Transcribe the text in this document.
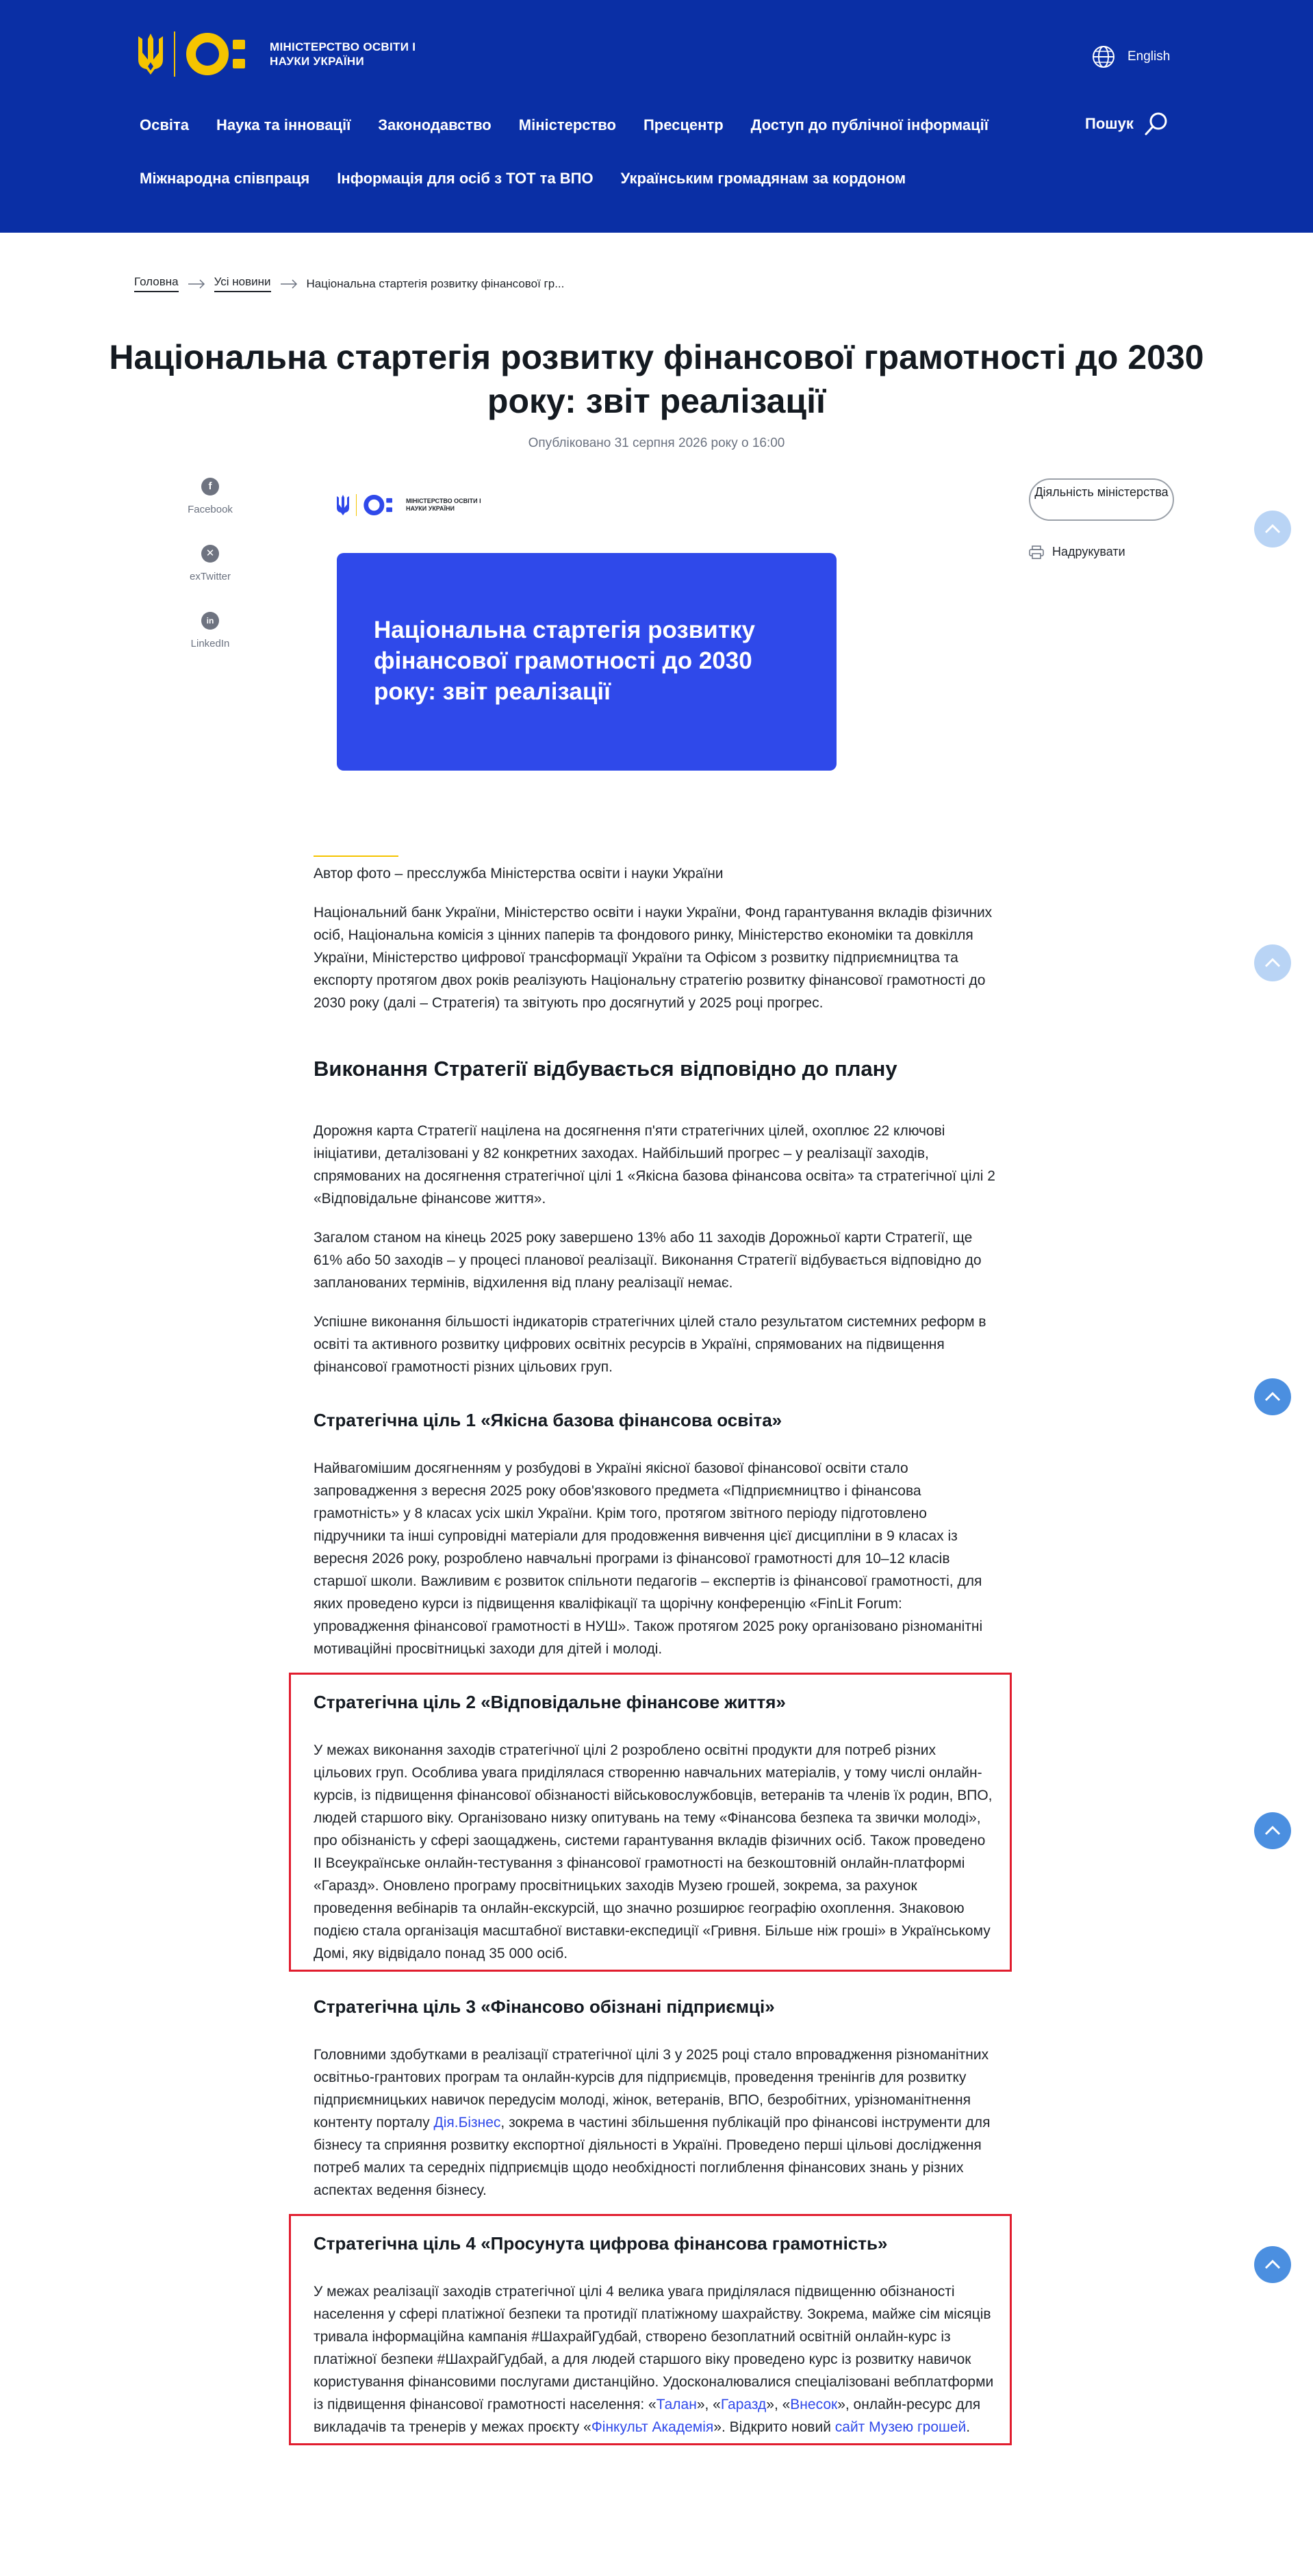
МІНІСТЕРСТВО ОСВІТИ І НАУКИ УКРАЇНИ	English
Освіта Наука та інновації Законодавство Міністерство Пресцентр Доступ до публічної інформації
Міжнародна співпраця Інформація для осіб з ТОТ та ВПО Українським громадянам за кордоном
Пошук
Головна	Усі новини	Національна стартегія розвитку фінансової гр...
Національна стартегія розвитку фінансової грамотності до 2030 року: звіт реалізації
Опубліковано 31 серпня 2026 року о 16:00
f
Facebook
✕
exTwitter
in
LinkedIn
МІНІСТЕРСТВО ОСВІТИ І НАУКИ УКРАЇНИ
Національна стартегія розвитку фінансової грамотності до 2030 року: звіт реалізації
Діяльність міністерства
Надрукувати

Автор фото – пресслужба Міністерства освіти і науки України

Національний банк України, Міністерство освіти і науки України, Фонд гарантування вкладів фізичних осіб, Національна комісія з цінних паперів та фондового ринку, Міністерство економіки та довкілля України, Міністерство цифрової трансформації України та Офісом з розвитку підприємництва та експорту протягом двох років реалізують Національну стратегію розвитку фінансової грамотності до 2030 року (далі – Стратегія) та звітують про досягнутий у 2025 році прогрес.

Виконання Стратегії відбувається відповідно до плану

Дорожня карта Стратегії націлена на досягнення п'яти стратегічних цілей, охоплює 22 ключові ініціативи, деталізовані у 82 конкретних заходах. Найбільший прогрес – у реалізації заходів, спрямованих на досягнення стратегічної цілі 1 «Якісна базова фінансова освіта» та стратегічної цілі 2 «Відповідальне фінансове життя».

Загалом станом на кінець 2025 року завершено 13% або 11 заходів Дорожньої карти Стратегії, ще 61% або 50 заходів – у процесі планової реалізації. Виконання Стратегії відбувається відповідно до запланованих термінів, відхилення від плану реалізації немає.

Успішне виконання більшості індикаторів стратегічних цілей стало результатом системних реформ в освіті та активного розвитку цифрових освітніх ресурсів в Україні, спрямованих на підвищення фінансової грамотності різних цільових груп.

Стратегічна ціль 1 «Якісна базова фінансова освіта»

Найвагомішим досягненням у розбудові в Україні якісної базової фінансової освіти стало запровадження з вересня 2025 року обов'язкового предмета «Підприємництво і фінансова грамотність» у 8 класах усіх шкіл України. Крім того, протягом звітного періоду підготовлено підручники та інші супровідні матеріали для продовження вивчення цієї дисципліни в 9 класах із вересня 2026 року, розроблено навчальні програми із фінансової грамотності для 10–12 класів старшої школи. Важливим є розвиток спільноти педагогів – експертів із фінансової грамотності, для яких проведено курси із підвищення кваліфікації та щорічну конференцію «FinLit Forum: упровадження фінансової грамотності в НУШ». Також протягом 2025 року організовано різноманітні мотиваційні просвітницькі заходи для дітей і молоді.

Стратегічна ціль 2 «Відповідальне фінансове життя»

У межах виконання заходів стратегічної цілі 2 розроблено освітні продукти для потреб різних цільових груп. Особлива увага приділялася створенню навчальних матеріалів, у тому числі онлайн-курсів, із підвищення фінансової обізнаності військовослужбовців, ветеранів та членів їх родин, ВПО, людей старшого віку. Організовано низку опитувань на тему «Фінансова безпека та звички молоді», про обізнаність у сфері заощаджень, системи гарантування вкладів фізичних осіб. Також проведено II Всеукраїнське онлайн-тестування з фінансової грамотності на безкоштовній онлайн-платформі «Гаразд». Оновлено програму просвітницьких заходів Музею грошей, зокрема, за рахунок проведення вебінарів та онлайн-екскурсій, що значно розширює географію охоплення. Знаковою подією стала організація масштабної виставки-експедиції «Гривня. Більше ніж гроші» в Українському Домі, яку відвідало понад 35 000 осіб.

Стратегічна ціль 3 «Фінансово обізнані підприємці»

Головними здобутками в реалізації стратегічної цілі 3 у 2025 році стало впровадження різноманітних освітньо-грантових програм та онлайн-курсів для підприємців, проведення тренінгів для розвитку підприємницьких навичок передусім молоді, жінок, ветеранів, ВПО, безробітних, урізноманітнення контенту порталу Дія.Бізнес, зокрема в частині збільшення публікацій про фінансові інструменти для бізнесу та сприяння розвитку експортної діяльності в Україні. Проведено перші цільові дослідження потреб малих та середніх підприємців щодо необхідності поглиблення фінансових знань у різних аспектах ведення бізнесу.

Стратегічна ціль 4 «Просунута цифрова фінансова грамотність»

У межах реалізації заходів стратегічної цілі 4 велика увага приділялася підвищенню обізнаності населення у сфері платіжної безпеки та протидії платіжному шахрайству. Зокрема, майже сім місяців тривала інформаційна кампанія #ШахрайГудбай, створено безоплатний освітній онлайн-курс із платіжної безпеки #ШахрайГудбай, а для людей старшого віку проведено курс із розвитку навичок користування фінансовими послугами дистанційно. Удосконалювалися спеціалізовані вебплатформи із підвищення фінансової грамотності населення: «Талан», «Гаразд», «Внесок», онлайн-ресурс для викладачів та тренерів у межах проєкту «Фінкульт Академія». Відкрито новий сайт Музею грошей.
